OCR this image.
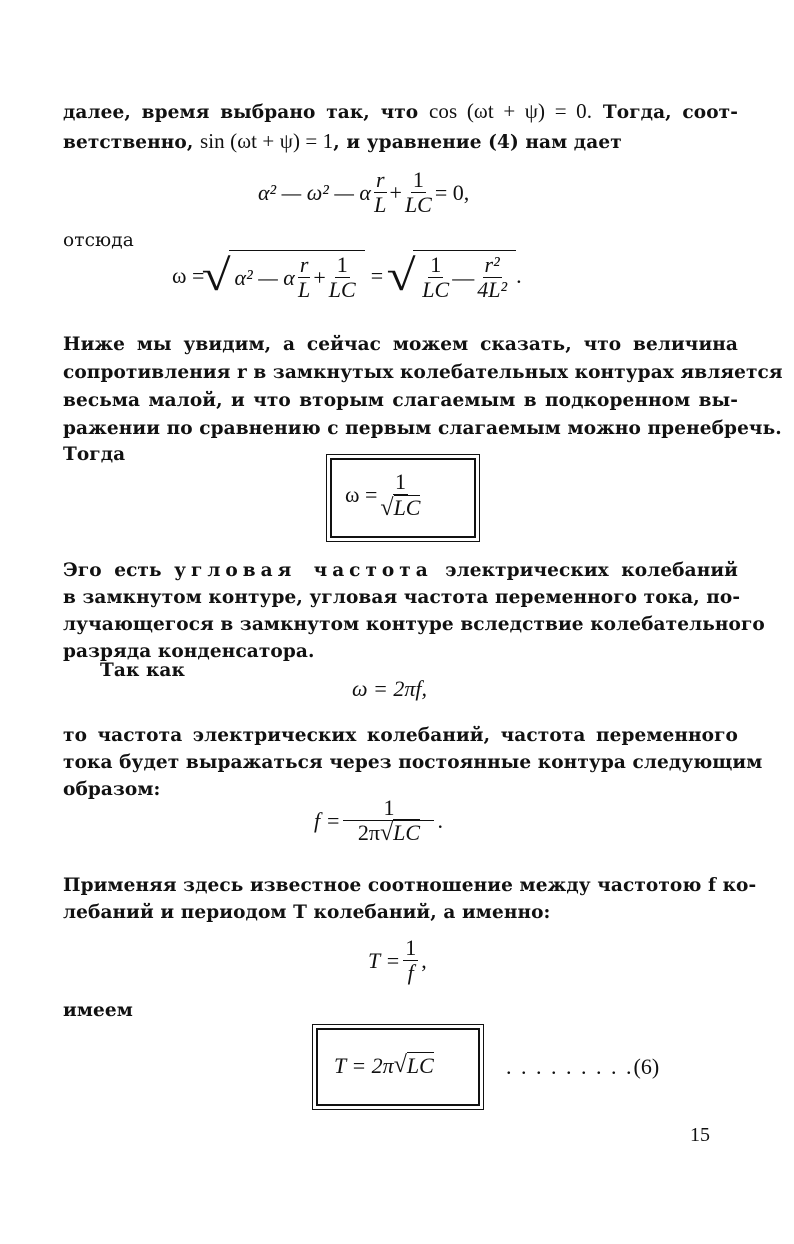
далее, время выбрано так, что cos (ωt + ψ) = 0. Тогда, соот-
ветственно, sin (ωt + ψ) = 1, и уравнение (4) нам дает
α² — ω² — α r
$L + \frac{1}{LC} = 0$,
отсюда
ω =
√ α² — α r
$L + \frac{1}{LC}$ = √ 1
LC — r²
4L²
.
Ниже мы увидим, а сейчас можем сказать, что величина
сопротивления r в замкнутых колебательных контурах является
весьма малой, и что вторым слагаемым в подкоренном вы-
ражении по сравнению с первым слагаемым можно пренебречь.
Тогда
$\omega = \frac{1}{√ LC}$
Эго есть угловая частота электрических колебаний
в замкнутом контуре, угловая частота переменного тока, по-
лучающегося в замкнутом контуре вследствие колебательного
разряда конденсатора.
Так как
ω = 2πf,
то частота электрических колебаний, частота переменного
тока будет выражаться через постоянные контура следующим
образом:
$f = \frac{1}{2\pi√LC}$ .
Применяя здесь известное соотношение между частотою f ко-
лебаний и периодом T колебаний, а именно:
$T = \frac{1}{f}$ ,
имеем
T = 2π √ LC	. . . . . . . . . (6)
15
